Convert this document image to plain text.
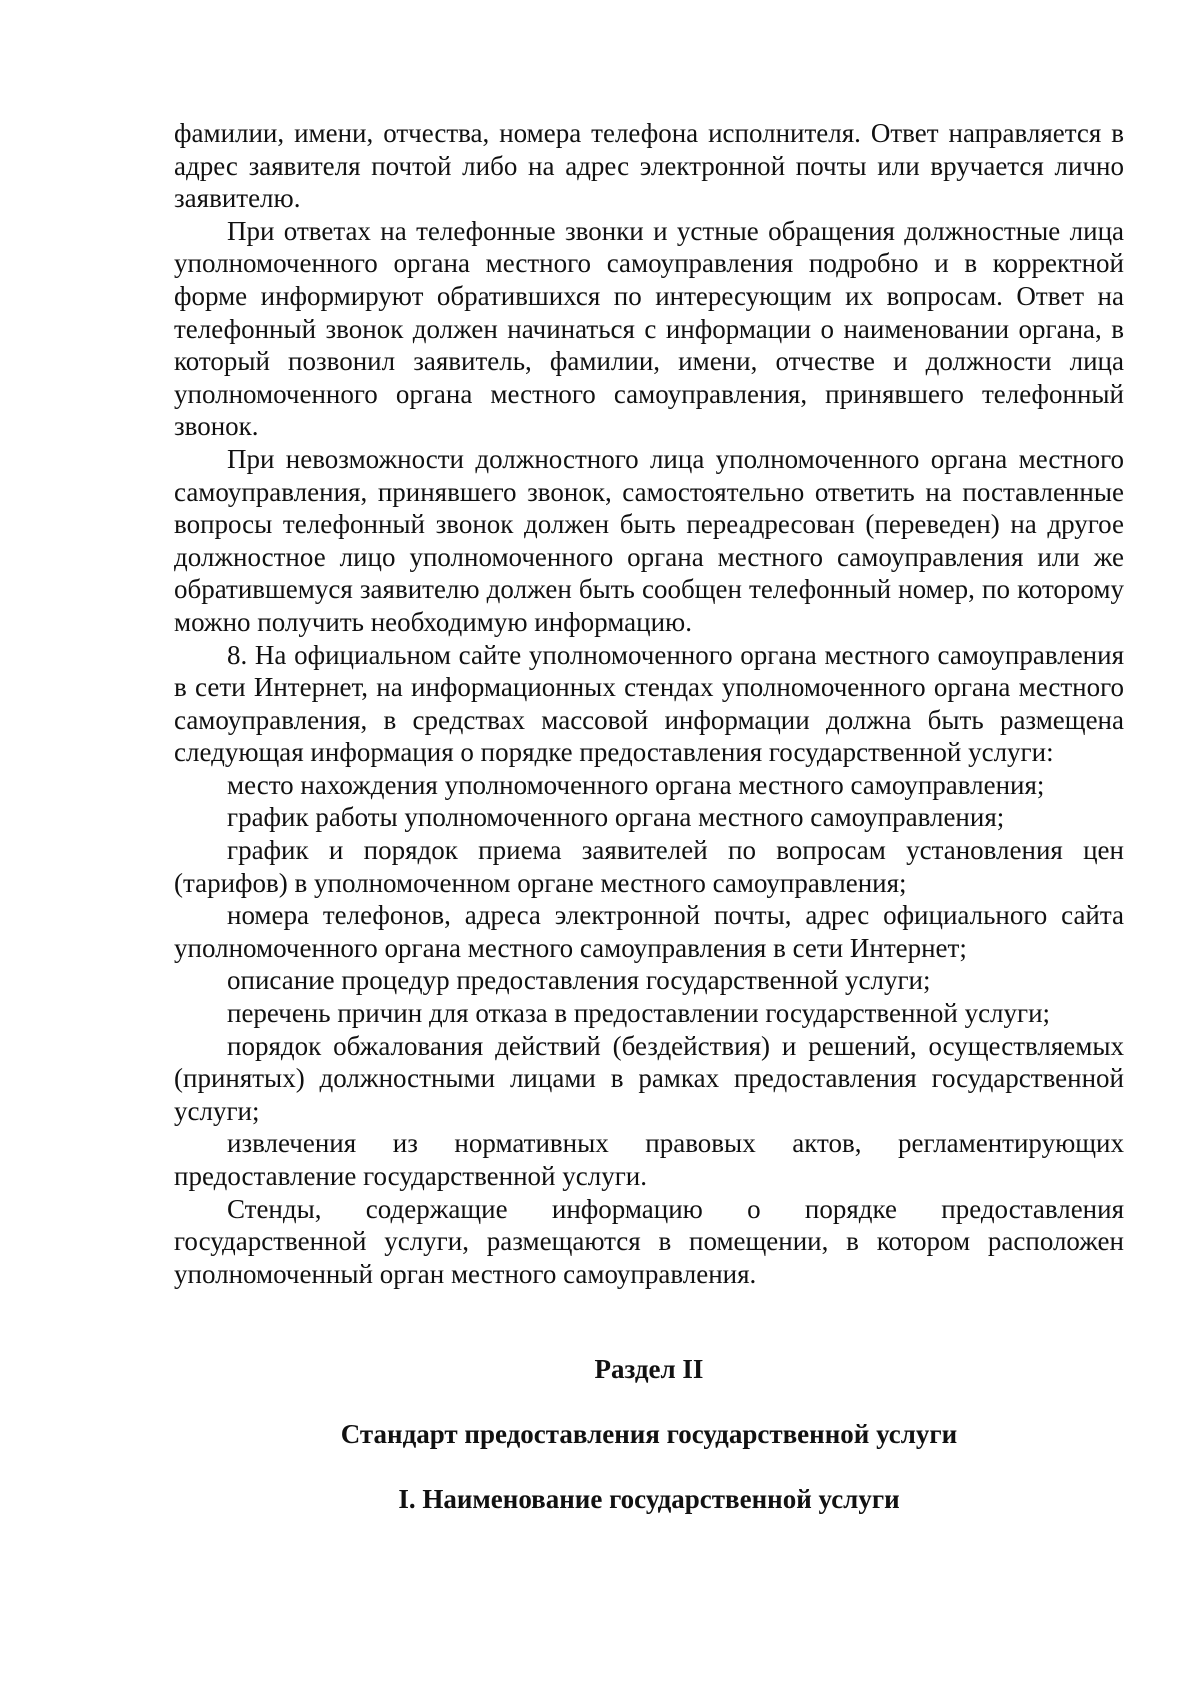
фамилии, имени, отчества, номера телефона исполнителя. Ответ направляется в адрес заявителя почтой либо на адрес электронной почты или вручается лично заявителю.

При ответах на телефонные звонки и устные обращения должностные лица уполномоченного органа местного самоуправления подробно и в корректной форме информируют обратившихся по интересующим их вопросам. Ответ на телефонный звонок должен начинаться с информации о наименовании органа, в который позвонил заявитель, фамилии, имени, отчестве и должности лица уполномоченного органа местного самоуправления, принявшего телефонный звонок.

При невозможности должностного лица уполномоченного органа местного самоуправления, принявшего звонок, самостоятельно ответить на поставленные вопросы телефонный звонок должен быть переадресован (переведен) на другое должностное лицо уполномоченного органа местного самоуправления или же обратившемуся заявителю должен быть сообщен телефонный номер, по которому можно получить необходимую информацию.

8. На официальном сайте уполномоченного органа местного самоуправления в сети Интернет, на информационных стендах уполномоченного органа местного самоуправления, в средствах массовой информации должна быть размещена следующая информация о порядке предоставления государственной услуги:

место нахождения уполномоченного органа местного самоуправления;

график работы уполномоченного органа местного самоуправления;

график и порядок приема заявителей по вопросам установления цен (тарифов) в уполномоченном органе местного самоуправления;

номера телефонов, адреса электронной почты, адрес официального сайта уполномоченного органа местного самоуправления в сети Интернет;

описание процедур предоставления государственной услуги;

перечень причин для отказа в предоставлении государственной услуги;

порядок обжалования действий (бездействия) и решений, осуществляемых (принятых) должностными лицами в рамках предоставления государственной услуги;

извлечения из нормативных правовых актов, регламентирующих предоставление государственной услуги.

Стенды, содержащие информацию о порядке предоставления государственной услуги, размещаются в помещении, в котором расположен уполномоченный орган местного самоуправления.

Раздел II
Стандарт предоставления государственной услуги
I. Наименование государственной услуги
